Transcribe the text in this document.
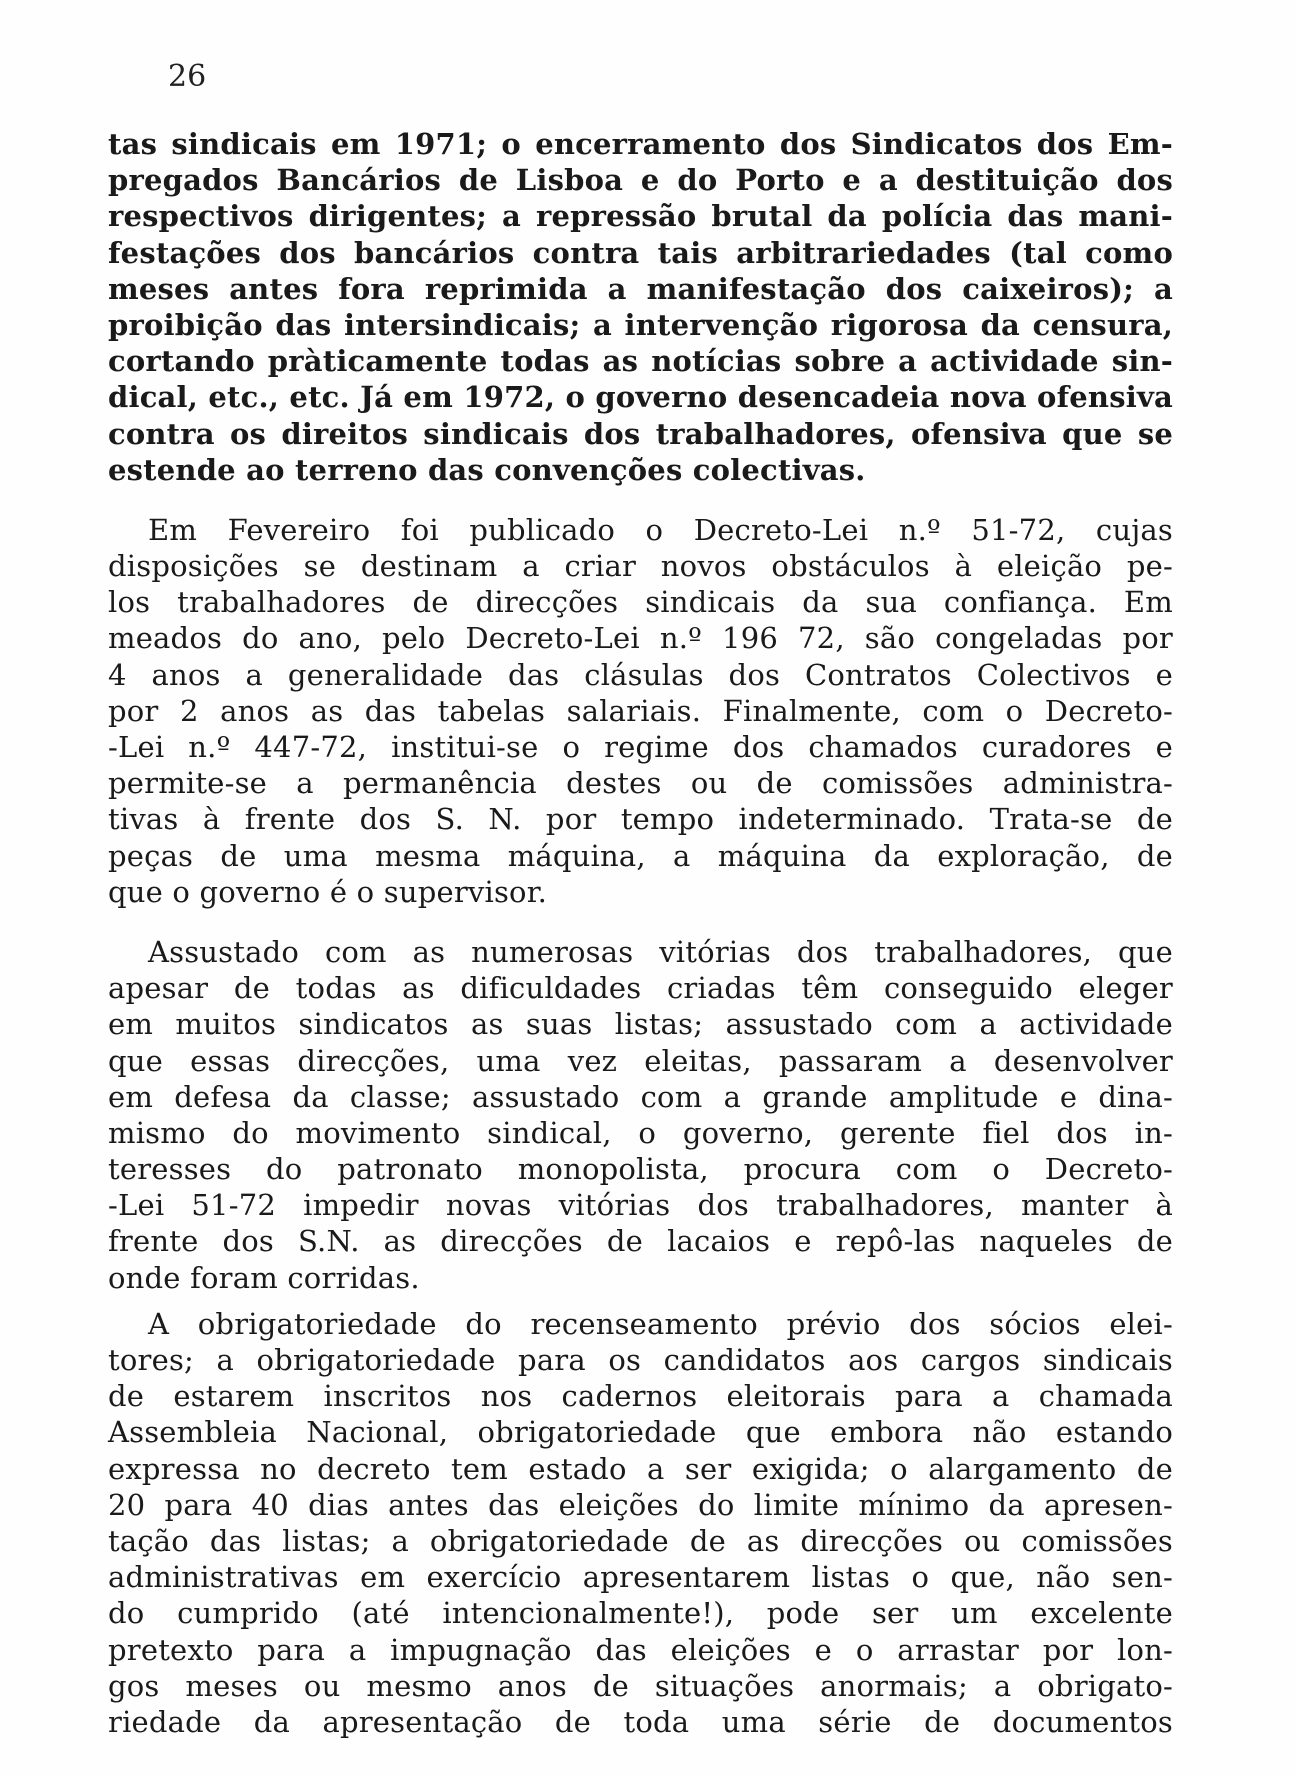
26
tas sindicais em 1971; o encerramento dos Sindicatos dos Em-
pregados Bancários de Lisboa e do Porto e a destituição dos
respectivos dirigentes; a repressão brutal da polícia das mani-
festações dos bancários contra tais arbitrariedades (tal como
meses antes fora reprimida a manifestação dos caixeiros); a
proibição das intersindicais; a intervenção rigorosa da censura,
cortando pràticamente todas as notícias sobre a actividade sin-
dical, etc., etc. Já em 1972, o governo desencadeia nova ofensiva
contra os direitos sindicais dos trabalhadores, ofensiva que se
estende ao terreno das convenções colectivas.
Em Fevereiro foi publicado o Decreto-Lei n.º 51-72, cujas
disposições se destinam a criar novos obstáculos à eleição pe-
los trabalhadores de direcções sindicais da sua confiança. Em
meados do ano, pelo Decreto-Lei n.º 196 72, são congeladas por
4 anos a generalidade das clásulas dos Contratos Colectivos e
por 2 anos as das tabelas salariais. Finalmente, com o Decreto-
-Lei n.º 447-72, institui-se o regime dos chamados curadores e
permite-se a permanência destes ou de comissões administra-
tivas à frente dos S. N. por tempo indeterminado. Trata-se de
peças de uma mesma máquina, a máquina da exploração, de
que o governo é o supervisor.
Assustado com as numerosas vitórias dos trabalhadores, que
apesar de todas as dificuldades criadas têm conseguido eleger
em muitos sindicatos as suas listas; assustado com a actividade
que essas direcções, uma vez eleitas, passaram a desenvolver
em defesa da classe; assustado com a grande amplitude e dina-
mismo do movimento sindical, o governo, gerente fiel dos in-
teresses do patronato monopolista, procura com o Decreto-
-Lei 51-72 impedir novas vitórias dos trabalhadores, manter à
frente dos S.N. as direcções de lacaios e repô-las naqueles de
onde foram corridas.
A obrigatoriedade do recenseamento prévio dos sócios elei-
tores; a obrigatoriedade para os candidatos aos cargos sindicais
de estarem inscritos nos cadernos eleitorais para a chamada
Assembleia Nacional, obrigatoriedade que embora não estando
expressa no decreto tem estado a ser exigida; o alargamento de
20 para 40 dias antes das eleições do limite mínimo da apresen-
tação das listas; a obrigatoriedade de as direcções ou comissões
administrativas em exercício apresentarem listas o que, não sen-
do cumprido (até intencionalmente!), pode ser um excelente
pretexto para a impugnação das eleições e o arrastar por lon-
gos meses ou mesmo anos de situações anormais; a obrigato-
riedade da apresentação de toda uma série de documentos
